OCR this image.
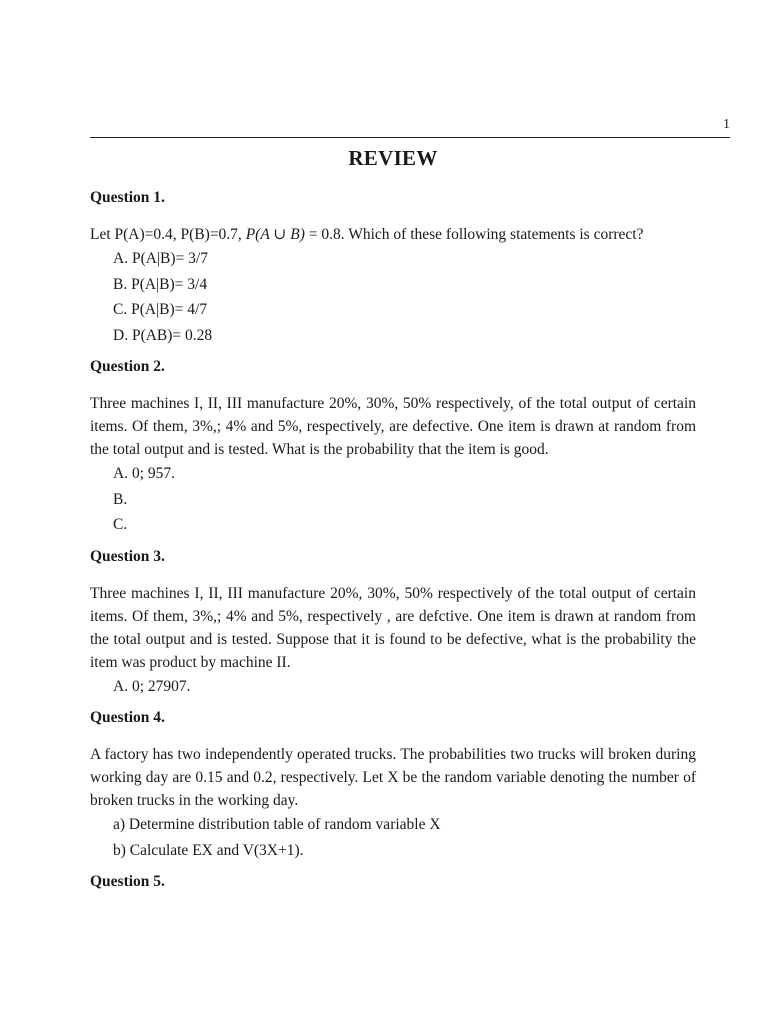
1
REVIEW
Question 1.

Let P(A)=0.4, P(B)=0.7, P(A ∪ B) = 0.8. Which of these following statements is correct?

A. P(A|B)= 3/7
B. P(A|B)= 3/4
C. P(A|B)= 4/7
D. P(AB)= 0.28
Question 2.

Three machines I, II, III manufacture 20%, 30%, 50% respectively, of the total output of certain items. Of them, 3%,; 4% and 5%, respectively, are defective. One item is drawn at random from the total output and is tested. What is the probability that the item is good.

A. 0; 957.
B.
C.
Question 3.

Three machines I, II, III manufacture 20%, 30%, 50% respectively of the total output of certain items. Of them, 3%,; 4% and 5%, respectively , are defctive. One item is drawn at random from the total output and is tested. Suppose that it is found to be defective, what is the probability the item was product by machine II.

A. 0; 27907.
Question 4.

A factory has two independently operated trucks. The probabilities two trucks will broken during working day are 0.15 and 0.2, respectively. Let X be the random variable denoting the number of broken trucks in the working day.

a) Determine distribution table of random variable X
b) Calculate EX and V(3X+1).
Question 5.
